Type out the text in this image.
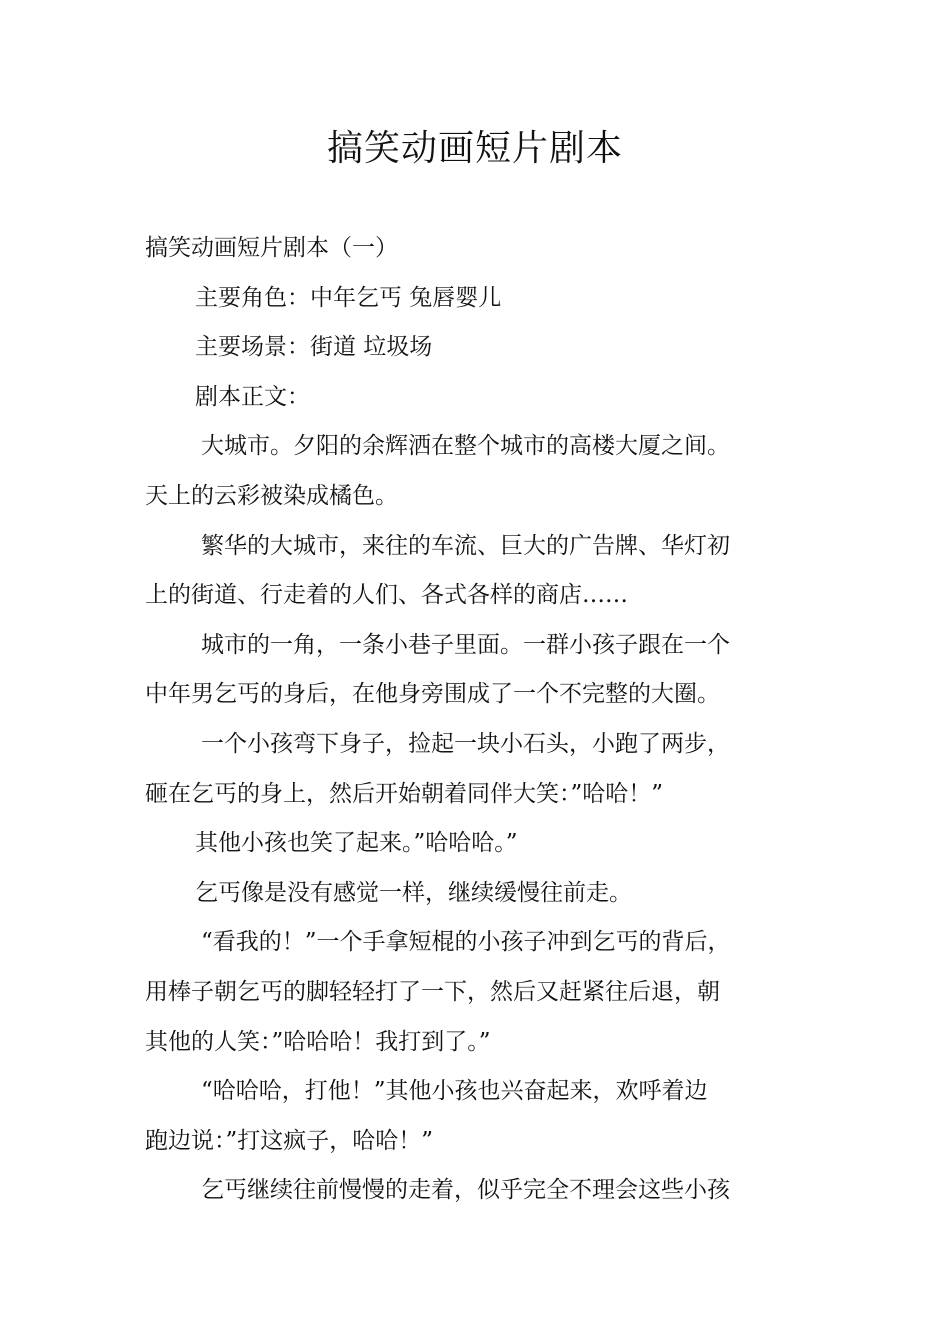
搞笑动画短片剧本
搞笑动画短片剧本（一）
主要角色：中年乞丐 兔唇婴儿
主要场景：街道 垃圾场
剧本正文：
大城市。夕阳的余辉洒在整个城市的高楼大厦之间。
天上的云彩被染成橘色。
繁华的大城市，来往的车流、巨大的广告牌、华灯初
上的街道、行走着的人们、各式各样的商店……
城市的一角，一条小巷子里面。一群小孩子跟在一个
中年男乞丐的身后，在他身旁围成了一个不完整的大圈。
一个小孩弯下身子，捡起一块小石头，小跑了两步，
砸在乞丐的身上，然后开始朝着同伴大笑：”哈哈！”
其他小孩也笑了起来。”哈哈哈。”
乞丐像是没有感觉一样，继续缓慢往前走。
“看我的！”一个手拿短棍的小孩子冲到乞丐的背后，
用棒子朝乞丐的脚轻轻打了一下，然后又赶紧往后退，朝
其他的人笑：”哈哈哈！我打到了。”
“哈哈哈，打他！”其他小孩也兴奋起来，欢呼着边
跑边说：”打这疯子，哈哈！”
乞丐继续往前慢慢的走着，似乎完全不理会这些小孩
